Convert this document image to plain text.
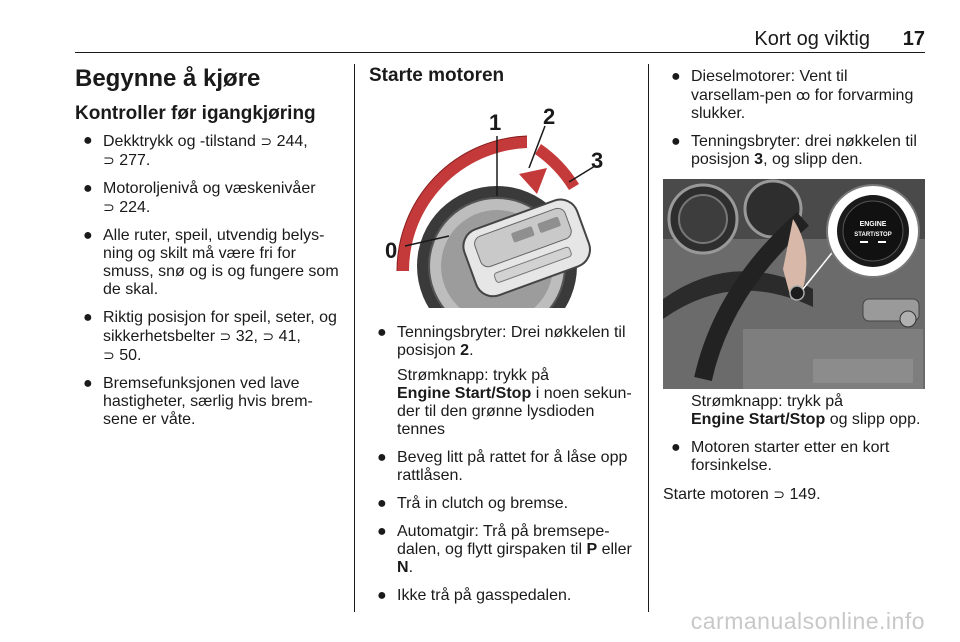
Kort og viktig 17
Begynne å kjøre
Kontroller før igangkjøring
● Dekktrykk og -tilstand ⊃ 244,
⊃ 277.
● Motoroljenivå og væskenivåer
⊃ 224.
● Alle ruter, speil, utvendig belys-ning og skilt må være fri for smuss, snø og is og fungere som de skal.
● Riktig posisjon for speil, seter, og sikkerhetsbelter ⊃ 32, ⊃ 41,
⊃ 50.
● Bremsefunksjonen ved lave hastigheter, særlig hvis brem-sene er våte.
Starte motoren
0
1 2
3
● Tenningsbryter: Drei nøkkelen til posisjon 2.
Strømknapp: trykk på
Engine Start/Stop i noen sekun-der til den grønne lysdioden tennes
● Beveg litt på rattet for å låse opp rattlåsen.
● Trå in clutch og bremse.
● Automatgir: Trå på bremsepe-dalen, og flytt girspaken til P eller N.
● Ikke trå på gasspedalen.
● Dieselmotorer: Vent til varsellam-pen ꝏ for forvarming slukker.
● Tenningsbryter: drei nøkkelen til posisjon 3, og slipp den.
ENGINE
START/STOP
Strømknapp: trykk på
Engine Start/Stop og slipp opp.
● Motoren starter etter en kort forsinkelse.

Starte motoren ⊃ 149.

carmanualsonline.info
